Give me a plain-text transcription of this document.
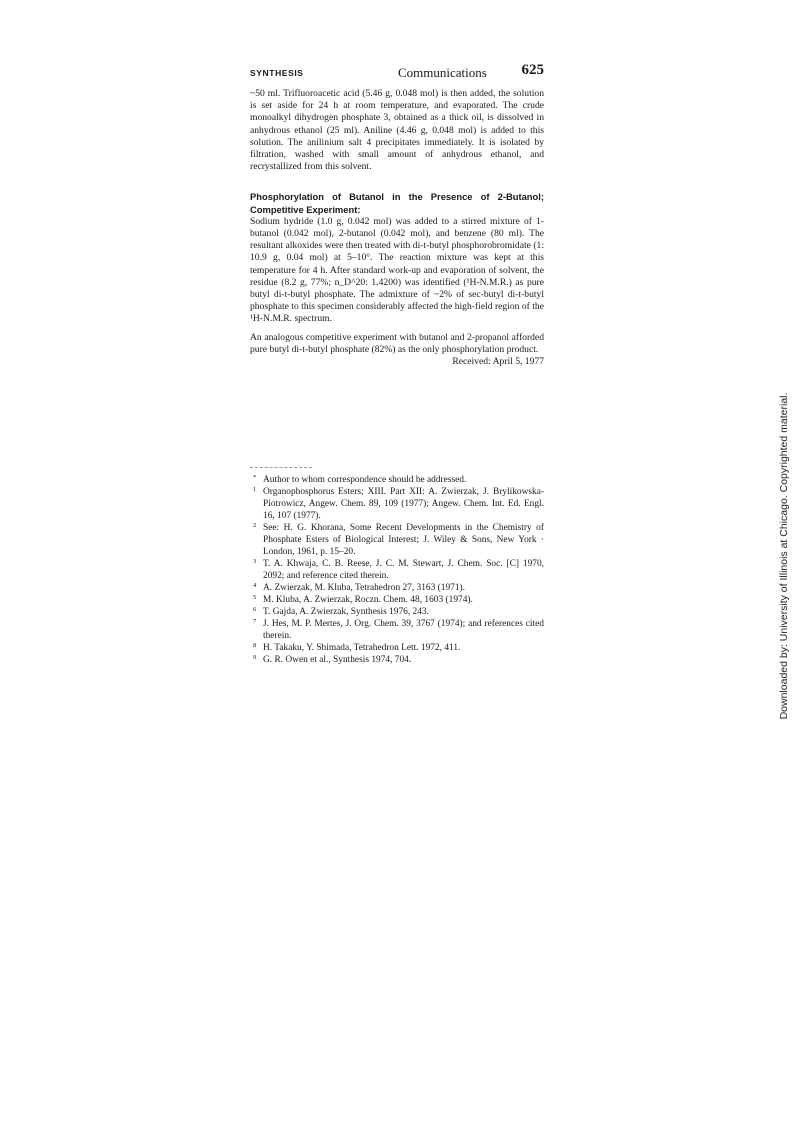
SYNTHESIS	Communications 625

~50 ml. Trifluoroacetic acid (5.46 g, 0.048 mol) is then added, the solution is set aside for 24 h at room temperature, and evaporated. The crude monoalkyl dihydrogen phosphate 3, obtained as a thick oil, is dissolved in anhydrous ethanol (25 ml). Aniline (4.46 g, 0.048 mol) is added to this solution. The anilinium salt 4 precipitates immediately. It is isolated by filtration, washed with small amount of anhydrous ethanol, and recrystallized from this solvent.

Phosphorylation of Butanol in the Presence of 2-Butanol; Competitive Experiment:

Sodium hydride (1.0 g, 0.042 mol) was added to a stirred mixture of 1-butanol (0.042 mol), 2-butanol (0.042 mol), and benzene (80 ml). The resultant alkoxides were then treated with di-t-butyl phosphorobromidate (1: 10.9 g, 0.04 mol) at 5–10°. The reaction mixture was kept at this temperature for 4 h. After standard work-up and evaporation of solvent, the residue (8.2 g, 77%; n_D^20: 1.4200) was identified (¹H-N.M.R.) as pure butyl di-t-butyl phosphate. The admixture of ~2% of sec-butyl di-t-butyl phosphate to this specimen considerably affected the high-field region of the ¹H-N.M.R. spectrum.

An analogous competitive experiment with butanol and 2-propanol afforded pure butyl di-t-butyl phosphate (82%) as the only phosphorylation product.

Received: April 5, 1977

* Author to whom correspondence should be addressed.
1 Organophosphorus Esters; XIII. Part XII: A. Zwierzak, J. Brylikowska-Piotrowicz, Angew. Chem. 89, 109 (1977); Angew. Chem. Int. Ed. Engl. 16, 107 (1977).
2 See: H. G. Khorana, Some Recent Developments in the Chemistry of Phosphate Esters of Biological Interest; J. Wiley & Sons, New York · London, 1961, p. 15–20.
3 T. A. Khwaja, C. B. Reese, J. C. M. Stewart, J. Chem. Soc. [C] 1970, 2092; and reference cited therein.
4 A. Zwierzak, M. Kluba, Tetrahedron 27, 3163 (1971).
5 M. Kluba, A. Zwierzak, Roczn. Chem. 48, 1603 (1974).
6 T. Gajda, A. Zwierzak, Synthesis 1976, 243.
7 J. Hes, M. P. Mertes, J. Org. Chem. 39, 3767 (1974); and references cited therein.
8 H. Takaku, Y. Shimada, Tetrahedron Lett. 1972, 411.
9 G. R. Owen et al., Synthesis 1974, 704.	Downloaded by: University of Illinois at Chicago. Copyrighted material.
